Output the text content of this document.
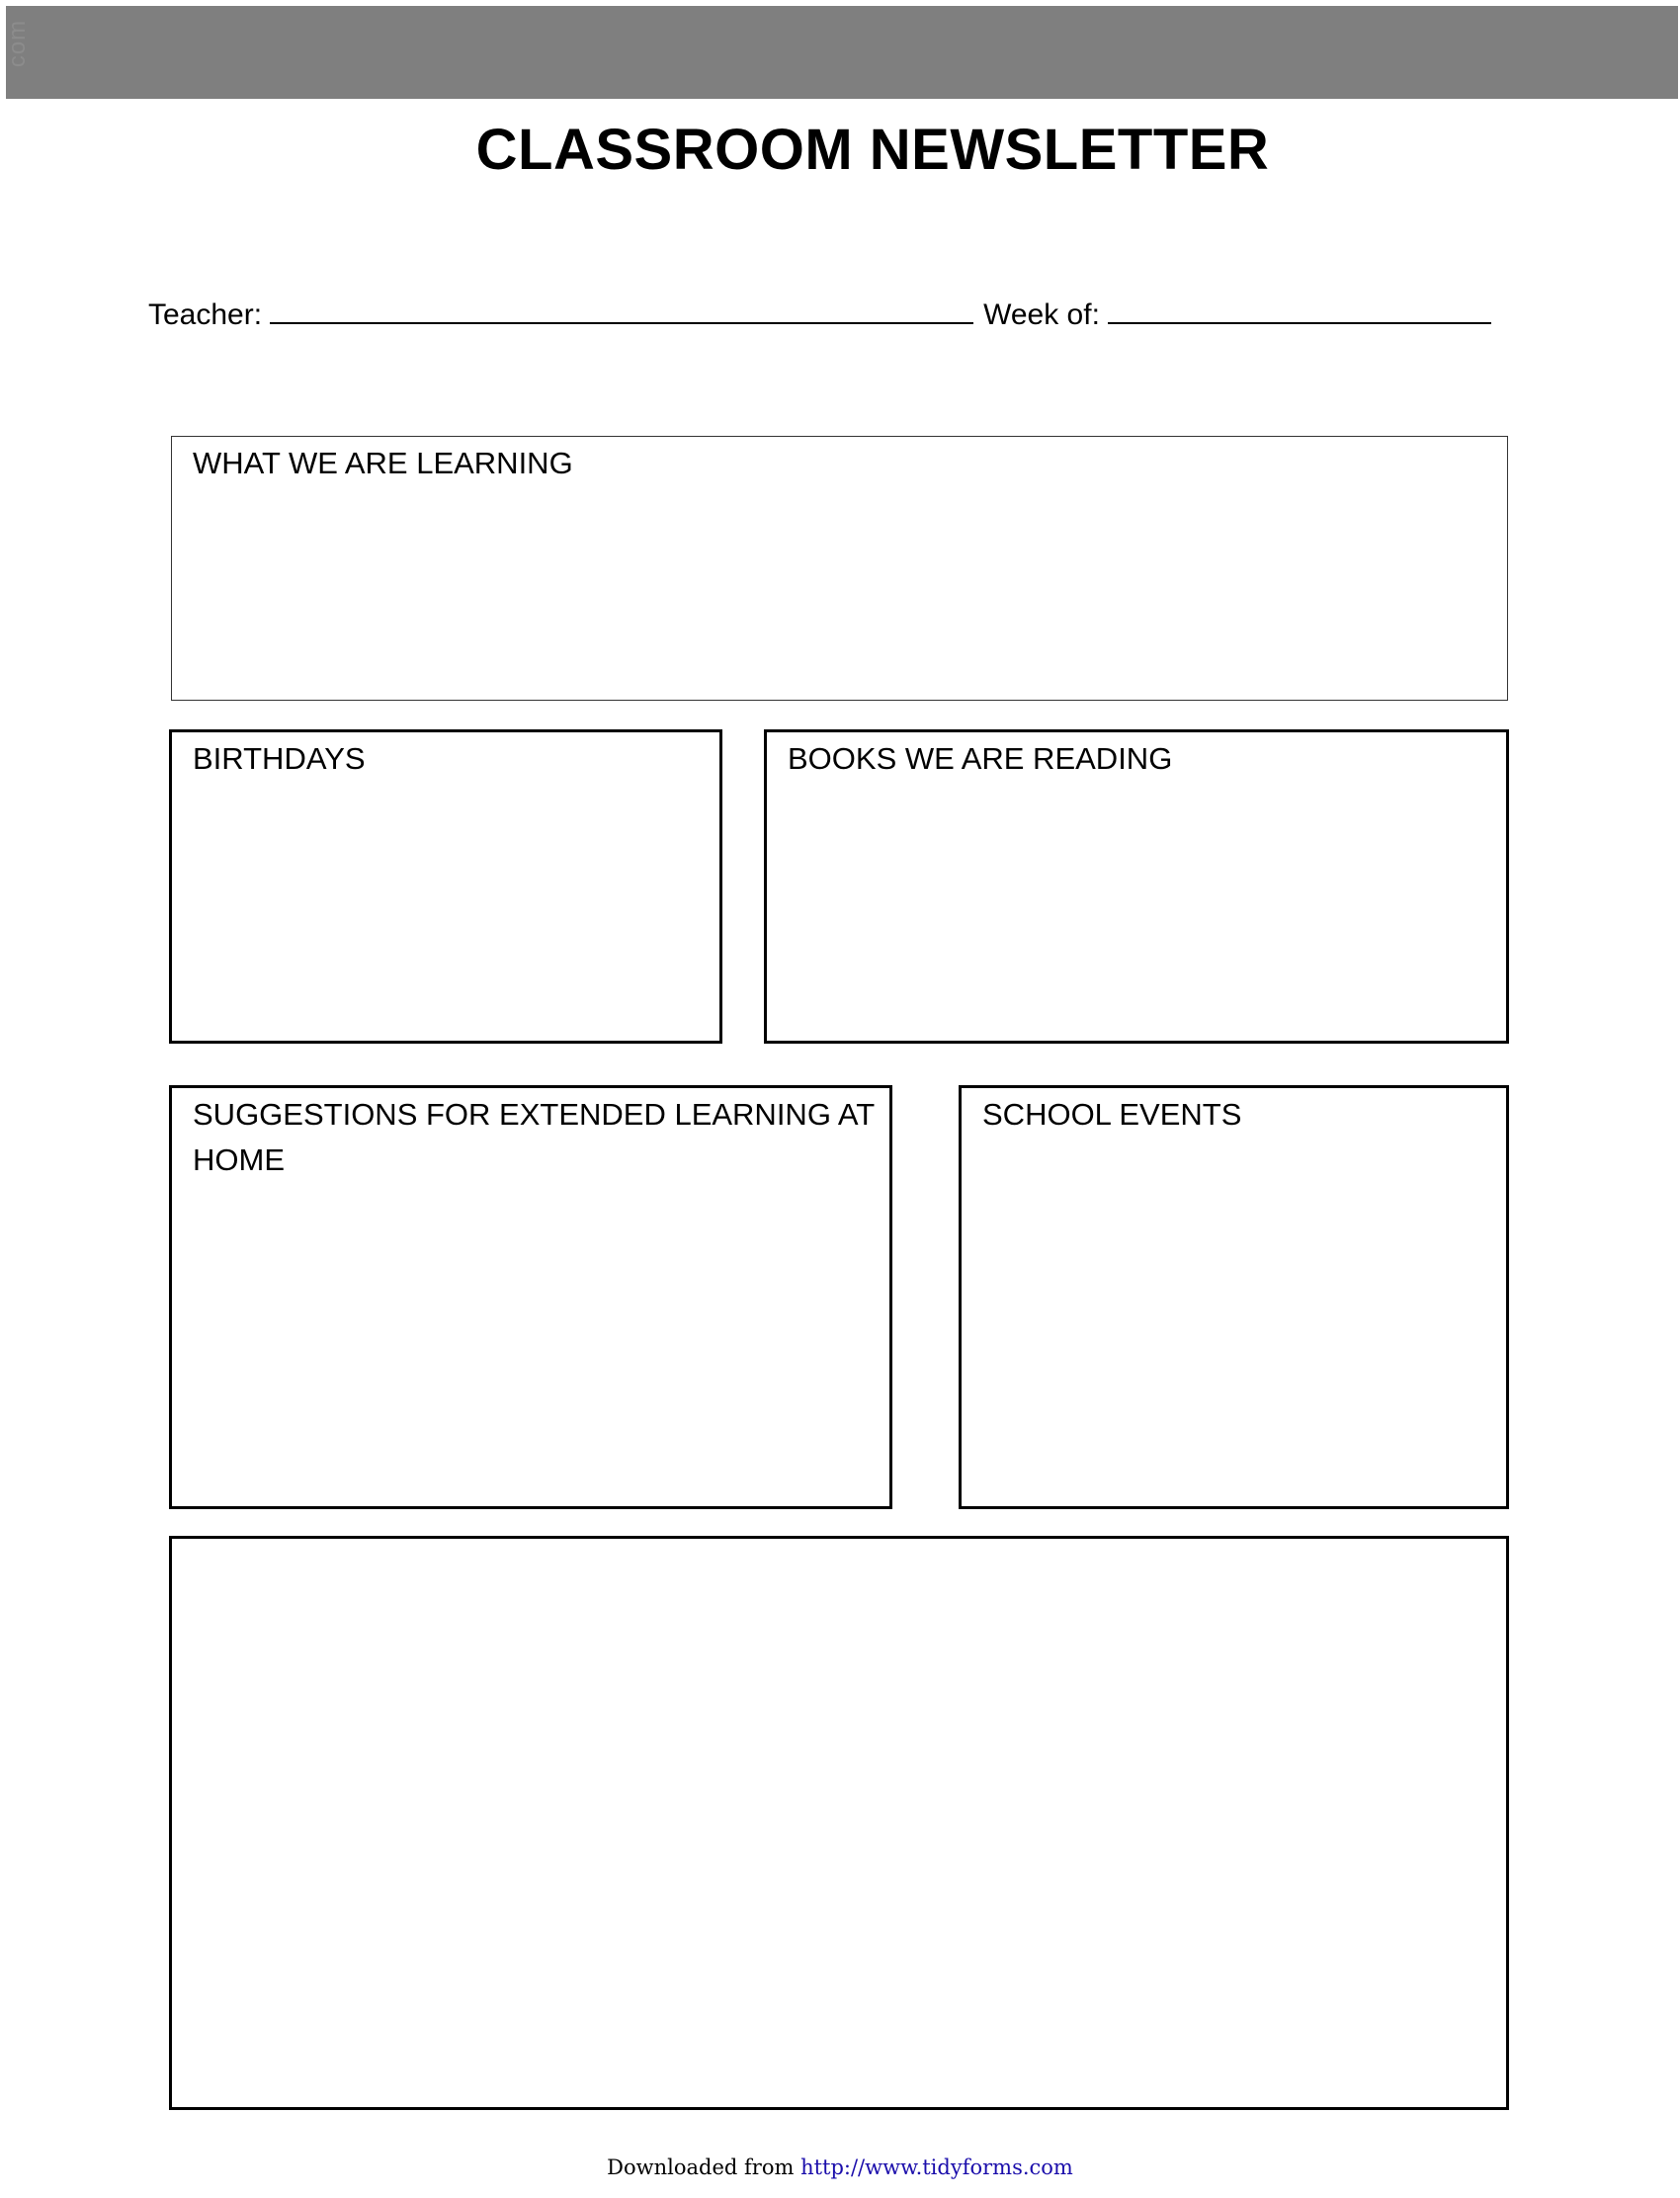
com
CLASSROOM NEWSLETTER
Teacher:	Week of:
WHAT WE ARE LEARNING
BIRTHDAYS	BOOKS WE ARE READING
SUGGESTIONS FOR EXTENDED LEARNING AT HOME
SCHOOL EVENTS
Downloaded from http://www.tidyforms.com
